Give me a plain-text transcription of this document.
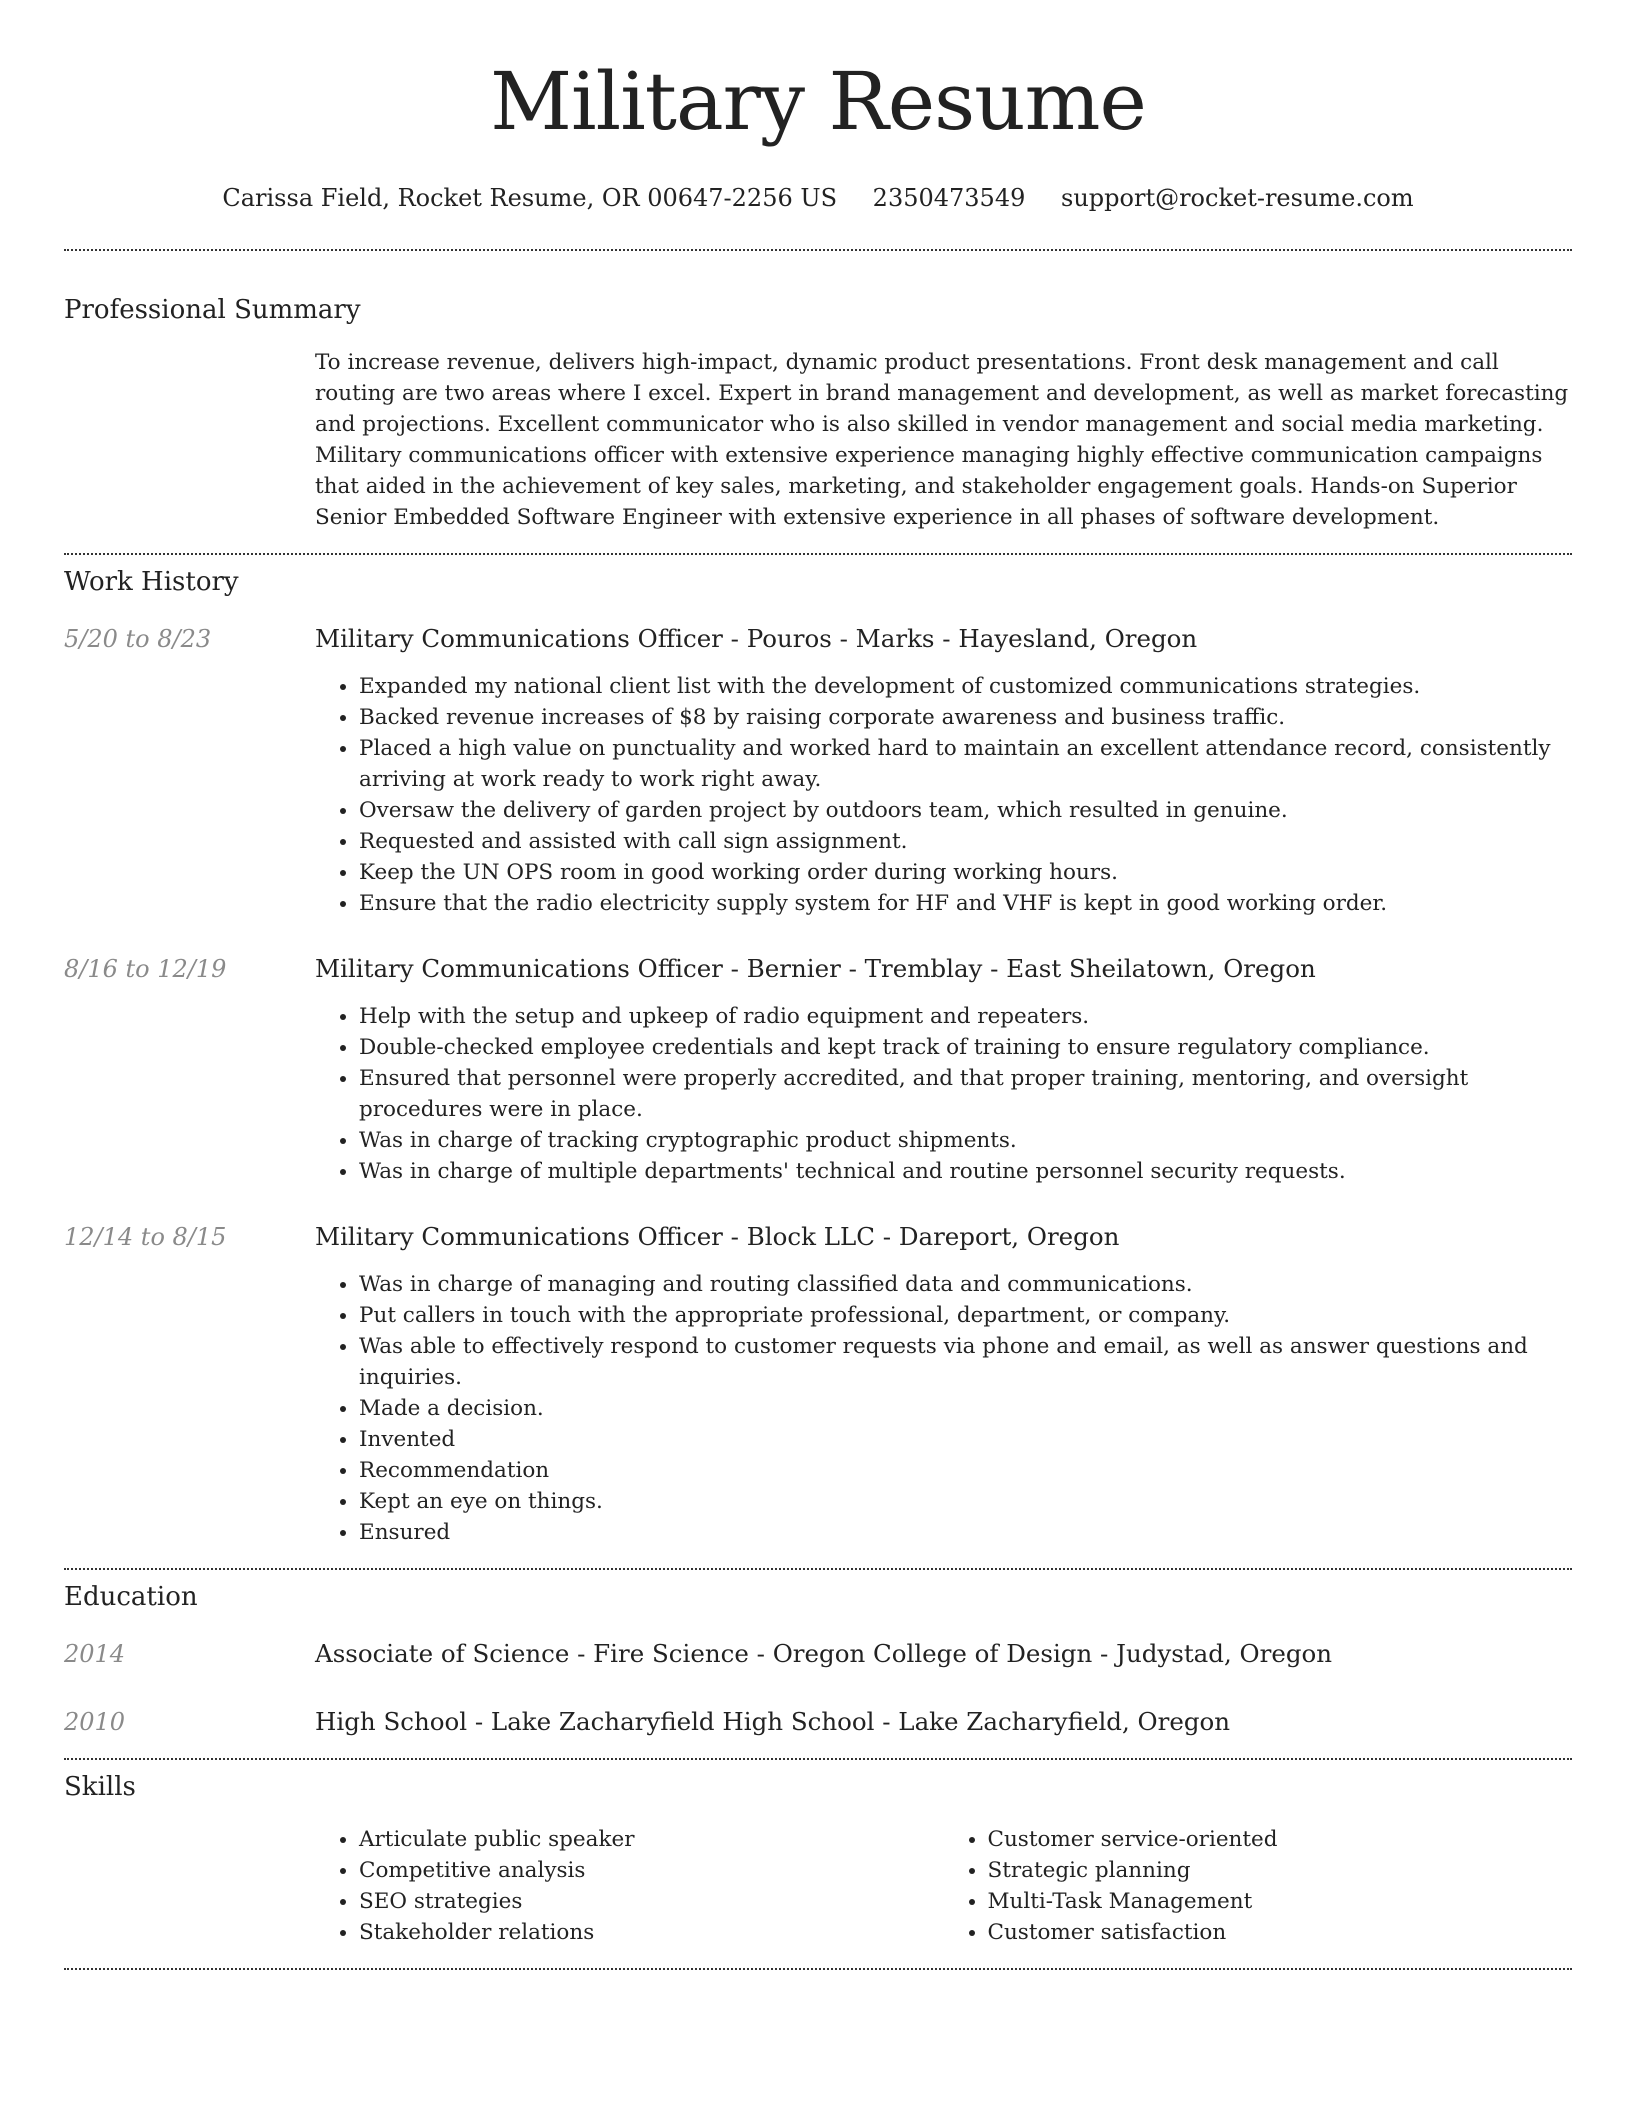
Military Resume
Carissa Field, Rocket Resume, OR 00647-2256 US 2350473549 support@rocket-resume.com
Professional Summary

To increase revenue, delivers high-impact, dynamic product presentations. Front desk management and call routing are two areas where I excel. Expert in brand management and development, as well as market forecasting and projections. Excellent communicator who is also skilled in vendor management and social media marketing. Military communications officer with extensive experience managing highly effective communication campaigns that aided in the achievement of key sales, marketing, and stakeholder engagement goals. Hands-on Superior Senior Embedded Software Engineer with extensive experience in all phases of software development.

Work History
5/20 to 8/23	Military Communications Officer - Pouros - Marks - Hayesland, Oregon
• Expanded my national client list with the development of customized communications strategies.
• Backed revenue increases of $8 by raising corporate awareness and business traffic.
• Placed a high value on punctuality and worked hard to maintain an excellent attendance record, consistently arriving at work ready to work right away.
• Oversaw the delivery of garden project by outdoors team, which resulted in genuine.
• Requested and assisted with call sign assignment.
• Keep the UN OPS room in good working order during working hours.
• Ensure that the radio electricity supply system for HF and VHF is kept in good working order.
8/16 to 12/19	Military Communications Officer - Bernier - Tremblay - East Sheilatown, Oregon
• Help with the setup and upkeep of radio equipment and repeaters.
• Double-checked employee credentials and kept track of training to ensure regulatory compliance.
• Ensured that personnel were properly accredited, and that proper training, mentoring, and oversight procedures were in place.
• Was in charge of tracking cryptographic product shipments.
• Was in charge of multiple departments' technical and routine personnel security requests.
12/14 to 8/15	Military Communications Officer - Block LLC - Dareport, Oregon
• Was in charge of managing and routing classified data and communications.
• Put callers in touch with the appropriate professional, department, or company.
• Was able to effectively respond to customer requests via phone and email, as well as answer questions and inquiries.
• Made a decision.
• Invented
• Recommendation
• Kept an eye on things.
• Ensured
Education
2014	Associate of Science - Fire Science - Oregon College of Design - Judystad, Oregon
2010	High School - Lake Zacharyfield High School - Lake Zacharyfield, Oregon
Skills
• Articulate public speaker
• Competitive analysis
• SEO strategies
• Stakeholder relations
• Customer service-oriented
• Strategic planning
• Multi-Task Management
• Customer satisfaction
